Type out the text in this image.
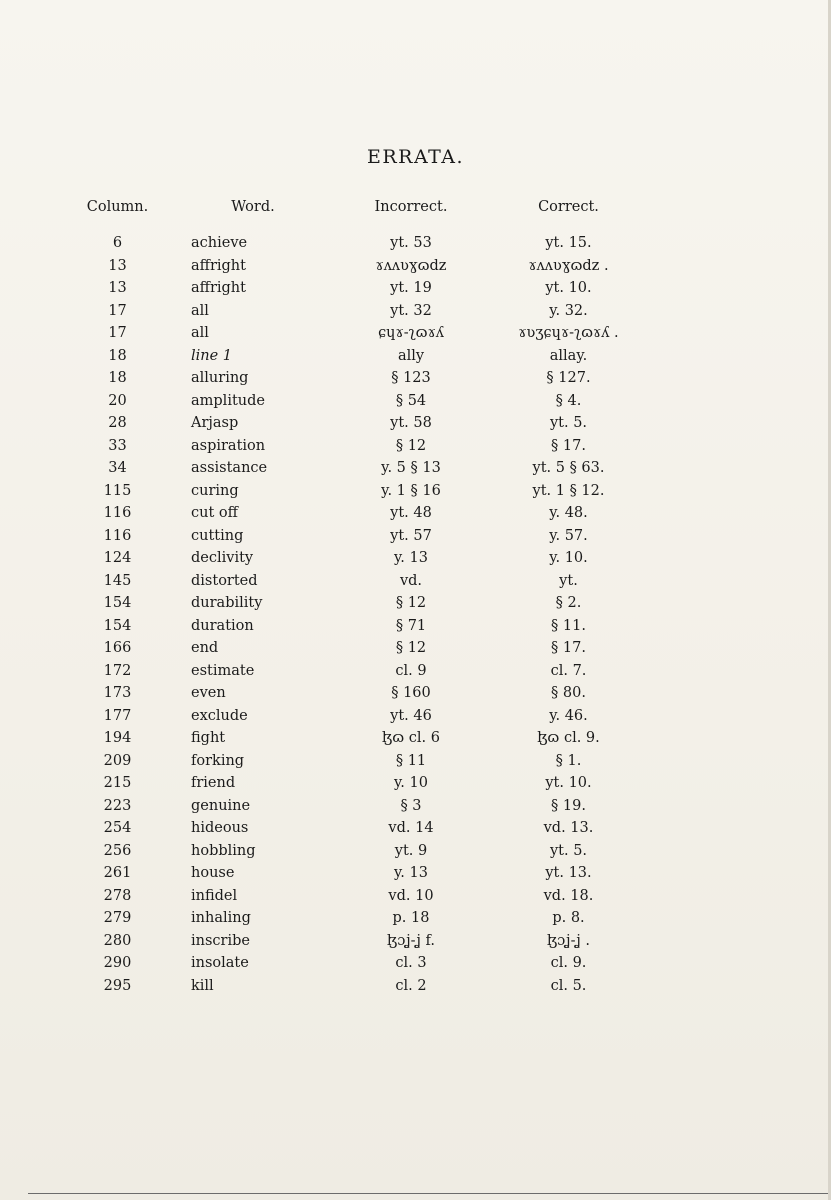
ERRATA.
Column.	Word.	Incorrect.	Correct.
6	achieve	yt. 53	yt. 15.
13	affright	ɤʌʌʋɣɷǳ	ɤʌʌʋɣɷǳ .
13	affright	yt. 19	yt. 10.
17	all	yt. 32	y. 32.
17	all	ɕɥɤ-ʅɷɤʎ	ɤʋʒɕɥɤ-ʅɷɤʎ .
18	line 1	ally	allay.
18	alluring	§ 123	§ 127.
20	amplitude	§ 54	§ 4.
28	Arjasp	yt. 58	yt. 5.
33	aspiration	§ 12	§ 17.
34	assistance	y. 5 § 13	yt. 5 § 63.
115	curing	y. 1 § 16	yt. 1 § 12.
116	cut off	yt. 48	y. 48.
116	cutting	yt. 57	y. 57.
124	declivity	y. 13	y. 10.
145	distorted	vd.	yt.
154	durability	§ 12	§ 2.
154	duration	§ 71	§ 11.
166	end	§ 12	§ 17.
172	estimate	cl. 9	cl. 7.
173	even	§ 160	§ 80.
177	exclude	yt. 46	y. 46.
194	fight	ɮɷ cl. 6	ɮɷ cl. 9.
209	forking	§ 11	§ 1.
215	friend	y. 10	yt. 10.
223	genuine	§ 3	§ 19.
254	hideous	vd. 14	vd. 13.
256	hobbling	yt. 9	yt. 5.
261	house	y. 13	yt. 13.
278	infidel	vd. 10	vd. 18.
279	inhaling	p. 18	p. 8.
280	inscribe	ɮɔʝ-ʝ f.	ɮɔʝ-ʝ .
290	insolate	cl. 3	cl. 9.
295	kill	cl. 2	cl. 5.
